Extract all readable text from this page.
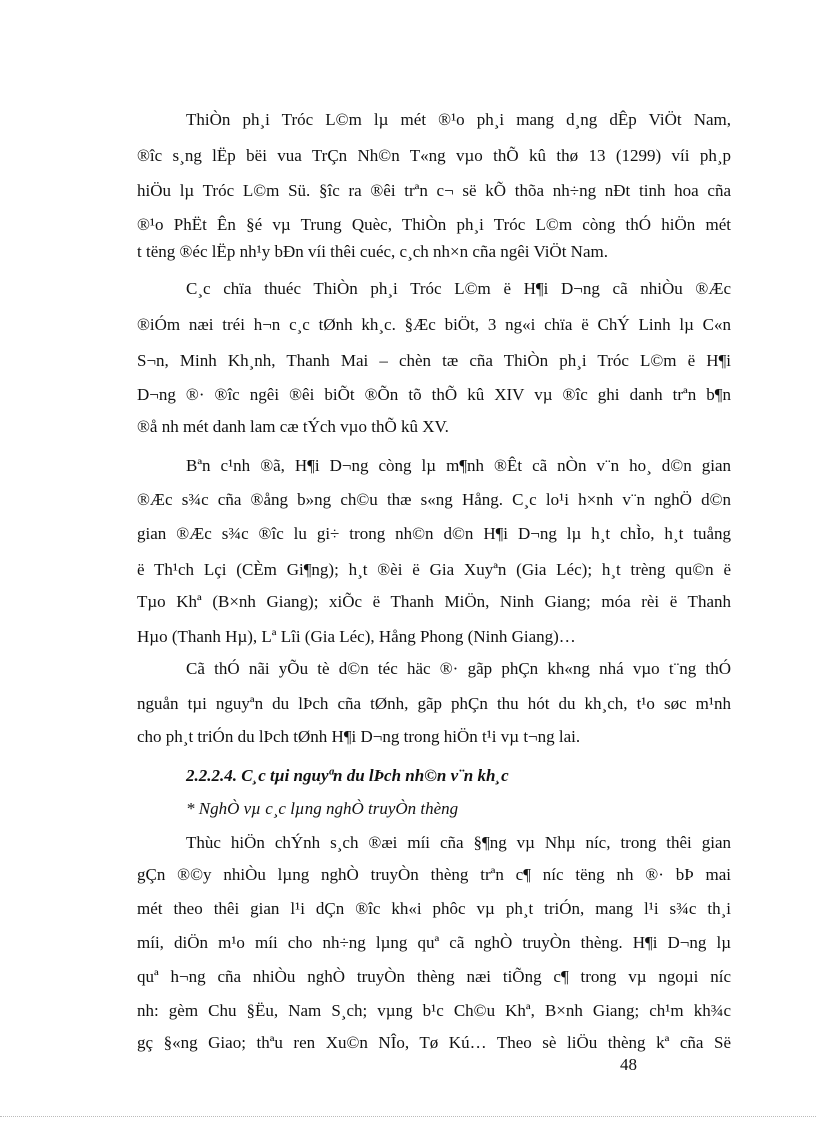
ThiÒn ph¸i Tróc L©m lµ mét ®¹o ph¸i mang d¸ng dÊp ViÖt Nam,
®îc s¸ng lËp bëi vua TrÇn Nh©n T«ng vµo thÕ kû thø 13 (1299) víi ph¸p
hiÖu lµ Tróc L©m Sü. §îc ra ®êi trªn c¬ së kÕ thõa nh÷ng nÐt tinh hoa cña
®¹o PhËt Ên §é vµ Trung Quèc, ThiÒn ph¸i Tróc L©m còng thÓ hiÖn mét
t tëng ®éc lËp nh¹y bÐn víi thêi cuéc, c¸ch nh×n cña ngêi ViÖt Nam.
C¸c chïa thuéc ThiÒn ph¸i Tróc L©m ë H¶i D¬ng cã nhiÒu ®Æc
®iÓm næi tréi h¬n c¸c tØnh kh¸c. §Æc biÖt, 3 ng«i chïa ë ChÝ Linh lµ C«n
S¬n, Minh Kh¸nh, Thanh Mai – chèn tæ cña ThiÒn ph¸i Tróc L©m ë H¶i
D¬ng ®· ®îc ngêi ®êi biÕt ®Õn tõ thÕ kû XIV vµ ®îc ghi danh trªn b¶n
®å nh mét danh lam cæ tÝch vµo thÕ kû XV.
Bªn c¹nh ®ã, H¶i D¬ng còng lµ m¶nh ®Êt cã nÒn v¨n ho¸ d©n gian
®Æc s¾c cña ®ång b»ng ch©u thæ s«ng Hång. C¸c lo¹i h×nh v¨n nghÖ d©n
gian ®Æc s¾c ®îc lu gi÷ trong nh©n d©n H¶i D¬ng lµ h¸t chÌo, h¸t tuång
ë Th¹ch Lçi (CÈm Gi¶ng); h¸t ®èi ë Gia Xuyªn (Gia Léc); h¸t trèng qu©n ë
Tµo Khª (B×nh Giang); xiÕc ë Thanh MiÖn, Ninh Giang; móa rèi ë Thanh
Hµo (Thanh Hµ), Lª Lîi (Gia Léc), Hång Phong (Ninh Giang)…
Cã thÓ nãi yÕu tè d©n téc häc ®· gãp phÇn kh«ng nhá vµo t¨ng thÓ
nguån tµi nguyªn du lÞch cña tØnh, gãp phÇn thu hót du kh¸ch, t¹o søc m¹nh
cho ph¸t triÓn du lÞch tØnh H¶i D¬ng trong hiÖn t¹i vµ t¬ng lai.
2.2.2.4. C¸c tµi nguyªn du lÞch nh©n v¨n kh¸c
* NghÒ vµ c¸c lµng nghÒ truyÒn thèng
Thùc hiÖn chÝnh s¸ch ®æi míi cña §¶ng vµ Nhµ níc, trong thêi gian
gÇn ®©y nhiÒu lµng nghÒ truyÒn thèng trªn c¶ níc tëng nh ®· bÞ mai
mét theo thêi gian l¹i dÇn ®îc kh«i phôc vµ ph¸t triÓn, mang l¹i s¾c th¸i
míi, diÖn m¹o míi cho nh÷ng lµng quª cã nghÒ truyÒn thèng. H¶i D¬ng lµ
quª h¬ng cña nhiÒu nghÒ truyÒn thèng næi tiÕng c¶ trong vµ ngoµi níc
nh: gèm Chu §Ëu, Nam S¸ch; vµng b¹c Ch©u Khª, B×nh Giang; ch¹m kh¾c
gç §«ng Giao; thªu ren Xu©n NÎo, Tø Kú… Theo sè liÖu thèng kª cña Së
48
